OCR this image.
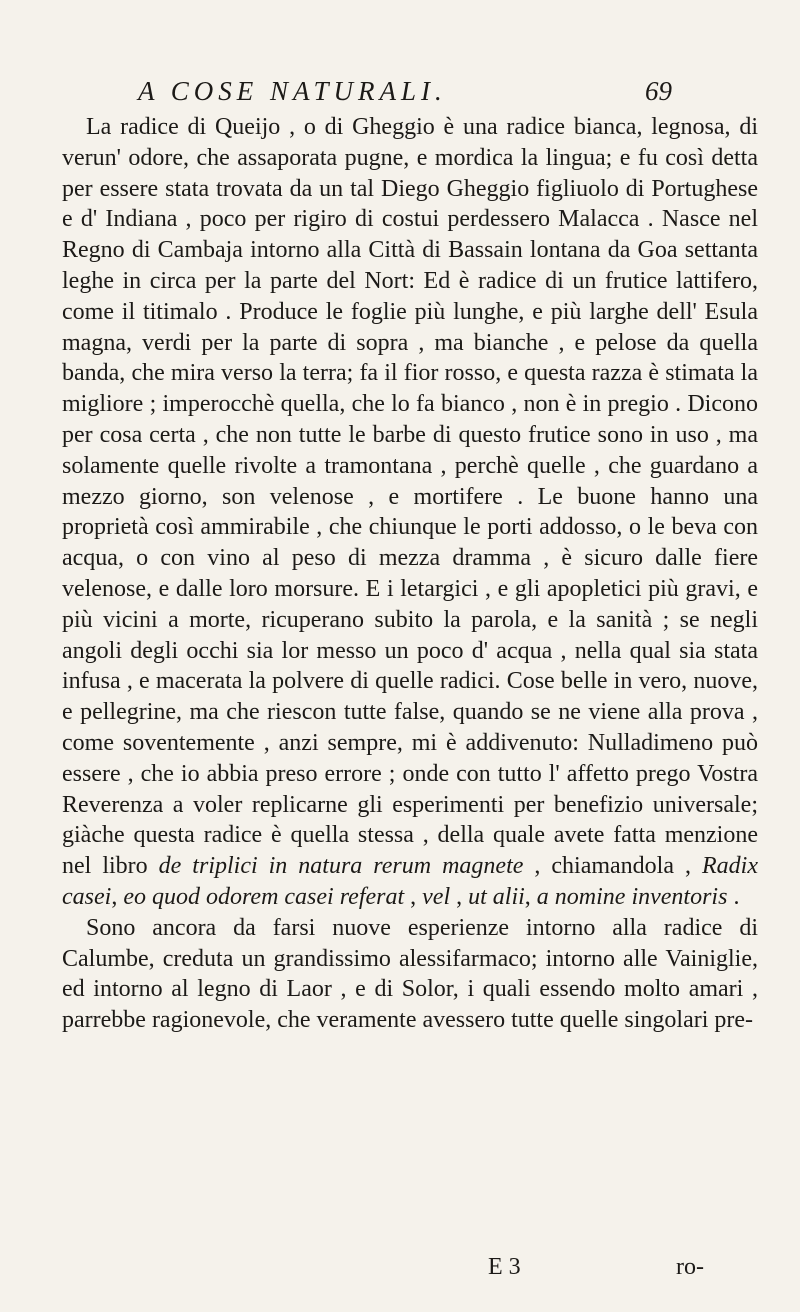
A COSE NATURALI.	69

La radice di Queijo , o di Gheggio è una radice bianca, legnosa, di verun' odore, che assaporata pugne, e mordica la lingua; e fu così detta per essere stata trovata da un tal Diego Gheggio figliuolo di Portughese e d' Indiana , poco per rigiro di costui perdessero Malacca . Nasce nel Regno di Cambaja intorno alla Città di Bassain lontana da Goa settanta leghe in circa per la parte del Nort: Ed è radice di un frutice lattifero, come il titimalo . Produce le foglie più lunghe, e più larghe dell' Esula magna, verdi per la parte di sopra , ma bianche , e pelose da quella banda, che mira verso la terra; fa il fior rosso, e questa razza è stimata la migliore ; imperocchè quella, che lo fa bianco , non è in pregio . Dicono per cosa certa , che non tutte le barbe di questo frutice sono in uso , ma solamente quelle rivolte a tramontana , perchè quelle , che guardano a mezzo giorno, son velenose , e mortifere . Le buone hanno una proprietà così ammirabile , che chiunque le porti addosso, o le beva con acqua, o con vino al peso di mezza dramma , è sicuro dalle fiere velenose, e dalle loro morsure. E i letargici , e gli apopletici più gravi, e più vicini a morte, ricuperano subito la parola, e la sanità ; se negli angoli degli occhi sia lor messo un poco d' acqua , nella qual sia stata infusa , e macerata la polvere di quelle radici. Cose belle in vero, nuove, e pellegrine, ma che riescon tutte false, quando se ne viene alla prova , come soventemente , anzi sempre, mi è addivenuto: Nulladimeno può essere , che io abbia preso errore ; onde con tutto l' affetto prego Vostra Reverenza a voler replicarne gli esperimenti per benefizio universale; giàche questa radice è quella stessa , della quale avete fatta menzione nel libro de triplici in natura rerum magnete , chiamandola , Radix casei, eo quod odorem casei referat , vel , ut alii, a nomine inventoris .

Sono ancora da farsi nuove esperienze intorno alla radice di Calumbe, creduta un grandissimo alessifarmaco; intorno alle Vainiglie, ed intorno al legno di Laor , e di Solor, i quali essendo molto amari , parrebbe ragionevole, che veramente avessero tutte quelle singolari pre-

E 3	ro-
